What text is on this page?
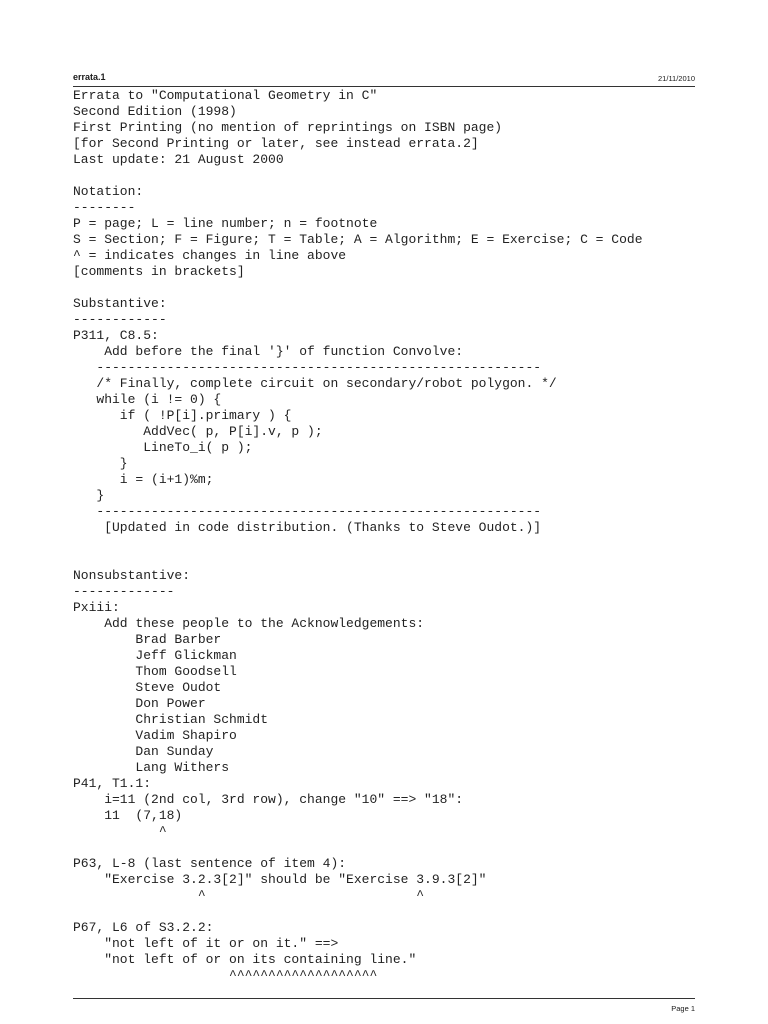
errata.1	21/11/2010
Errata to "Computational Geometry in C"
Second Edition (1998)
First Printing (no mention of reprintings on ISBN page)
[for Second Printing or later, see instead errata.2]
Last update: 21 August 2000

Notation:
--------
P = page; L = line number; n = footnote
S = Section; F = Figure; T = Table; A = Algorithm; E = Exercise; C = Code
^ = indicates changes in line above
[comments in brackets]

Substantive:
------------
P311, C8.5:
Add before the final '}' of function Convolve:
---------------------------------------------------------
/* Finally, complete circuit on secondary/robot polygon. */
while (i != 0) {
if ( !P[i].primary ) {
AddVec( p, P[i].v, p );
LineTo_i( p );
}
i = (i+1)%m;
}
---------------------------------------------------------
[Updated in code distribution. (Thanks to Steve Oudot.)]

Nonsubstantive:
-------------
Pxiii:
Add these people to the Acknowledgements:
Brad Barber
Jeff Glickman
Thom Goodsell
Steve Oudot
Don Power
Christian Schmidt
Vadim Shapiro
Dan Sunday
Lang Withers
P41, T1.1:
i=11 (2nd col, 3rd row), change "10" ==> "18":
11  (7,18)
^

P63, L-8 (last sentence of item 4):
"Exercise 3.2.3[2]" should be "Exercise 3.9.3[2]"
^                           ^

P67, L6 of S3.2.2:
"not left of it or on it." ==>
"not left of or on its containing line."
^^^^^^^^^^^^^^^^^^^
Page 1
